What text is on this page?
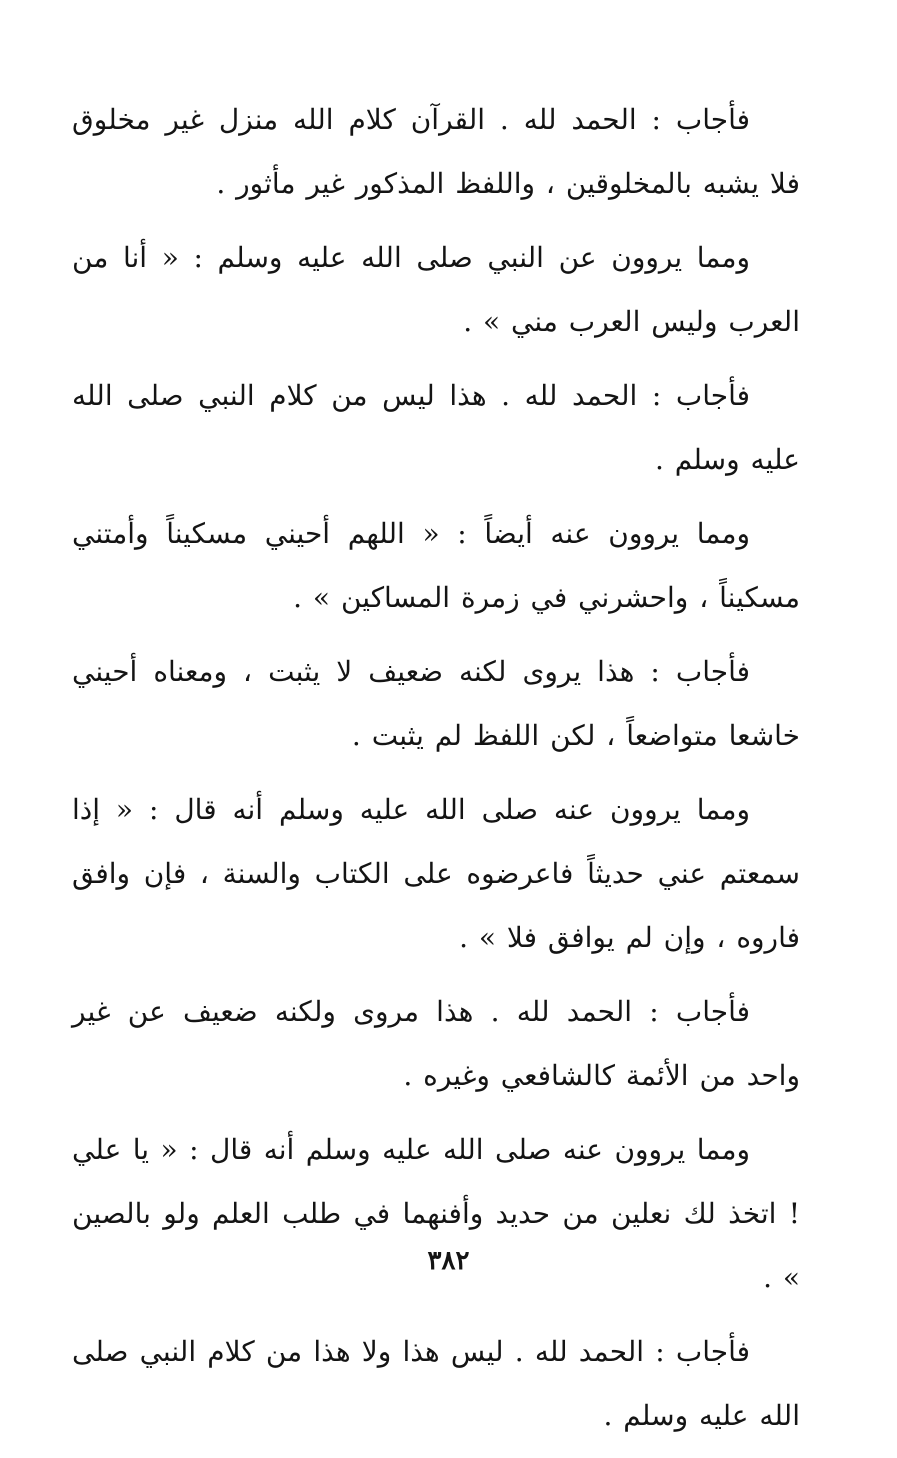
فأجاب : الحمد لله . القرآن كلام الله منزل غير مخلوق فلا يشبه بالمخلوقين ، واللفظ المذكور غير مأثور .

ومما يروون عن النبي صلى الله عليه وسلم : « أنا من العرب وليس العرب مني » .

فأجاب : الحمد لله . هذا ليس من كلام النبي صلى الله عليه وسلم .

ومما يروون عنه أيضاً : « اللهم أحيني مسكيناً وأمتني مسكيناً ، واحشرني في زمرة المساكين » .

فأجاب : هذا يروى لكنه ضعيف لا يثبت ، ومعناه أحيني خاشعا متواضعاً ، لكن اللفظ لم يثبت .

ومما يروون عنه صلى الله عليه وسلم أنه قال : « إذا سمعتم عني حديثاً فاعرضوه على الكتاب والسنة ، فإن وافق فاروه ، وإن لم يوافق فلا » .

فأجاب : الحمد لله . هذا مروى ولكنه ضعيف عن غير واحد من الأئمة كالشافعي وغيره .

ومما يروون عنه صلى الله عليه وسلم أنه قال : « يا علي ! اتخذ لك نعلين من حديد وأفنهما في طلب العلم ولو بالصين » .

فأجاب : الحمد لله . ليس هذا ولا هذا من كلام النبي صلى الله عليه وسلم .

٣٨٢
